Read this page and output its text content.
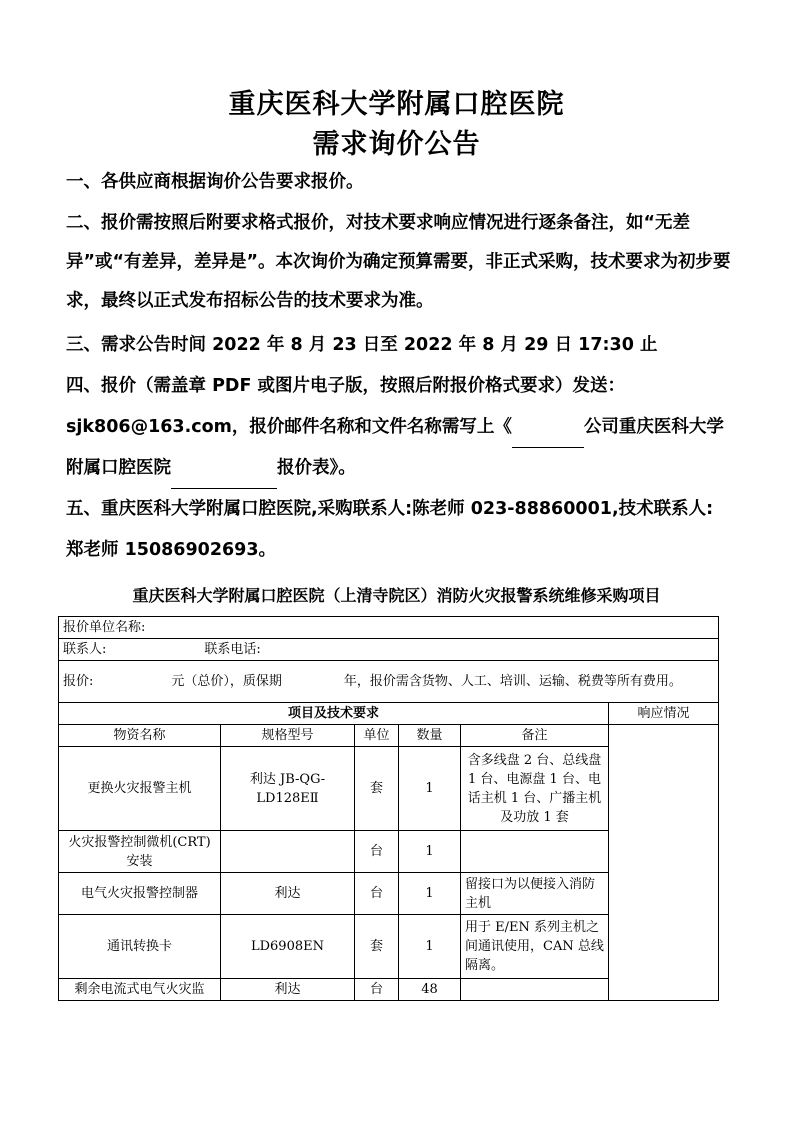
重庆医科大学附属口腔医院
需求询价公告
一、各供应商根据询价公告要求报价。
二、报价需按照后附要求格式报价，对技术要求响应情况进行逐条备注，如“无差异”或“有差异，差异是”。本次询价为确定预算需要，非正式采购，技术要求为初步要求，最终以正式发布招标公告的技术要求为准。
三、需求公告时间 2022 年 8 月 23 日至 2022 年 8 月 29 日 17:30 止
四、报价（需盖章 PDF 或图片电子版，按照后附报价格式要求）发送：
sjk806@163.com，报价邮件名称和文件名称需写上《	公司重庆医科大学
附属口腔医院	报价表》。
五、重庆医科大学附属口腔医院,采购联系人:陈老师 023-88860001,技术联系人:
郑老师 15086902693。
重庆医科大学附属口腔医院（上清寺院区）消防火灾报警系统维修采购项目
报价单位名称:					
联系人: 联系电话:					
报价: 元（总价），质保期 年，报价需含货物、人工、培训、运输、税费等所有费用。					
项目及技术要求					响应情况
物资名称	规格型号	单位	数量	备注	
更换火灾报警主机	利达 JB-QG-LD128EⅡ	套	1	含多线盘 2 台、总线盘 1 台、电源盘 1 台、电话主机 1 台、广播主机及功放 1 套	
火灾报警控制微机(CRT)安装		台	1		
电气火灾报警控制器	利达	台	1	留接口为以便接入消防主机	
通讯转换卡	LD6908EN	套	1	用于 E/EN 系列主机之间通讯使用，CAN 总线隔离。	
剩余电流式电气火灾监	利达	台	48		
